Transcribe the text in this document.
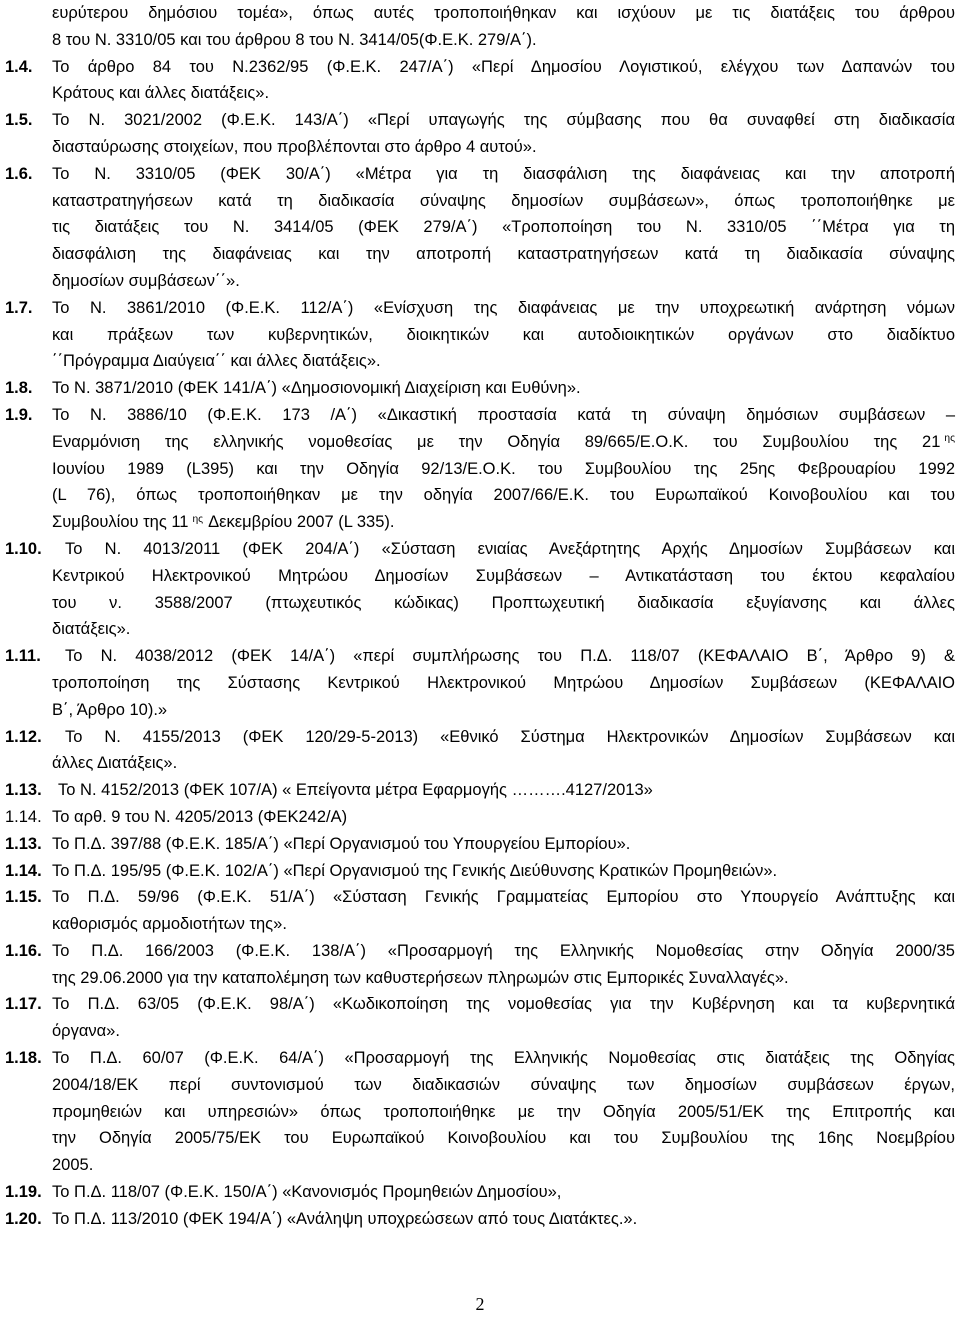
ευρύτερου δημόσιου τομέα», όπως αυτές τροποποιήθηκαν και ισχύουν με τις διατάξεις του άρθρου
8 του Ν. 3310/05 και του άρθρου 8 του Ν. 3414/05(Φ.Ε.Κ. 279/Α΄).
1.4. Το άρθρο 84 του Ν.2362/95 (Φ.Ε.Κ. 247/Α΄) «Περί Δημοσίου Λογιστικού, ελέγχου των Δαπανών του
Κράτους και άλλες διατάξεις».
1.5. Το Ν. 3021/2002 (Φ.Ε.Κ. 143/Α΄) «Περί υπαγωγής της σύμβασης που θα συναφθεί στη διαδικασία
διασταύρωσης στοιχείων, που προβλέπονται στο άρθρο 4 αυτού».
1.6. Το Ν. 3310/05 (ΦΕΚ 30/Α΄) «Μέτρα για τη διασφάλιση της διαφάνειας και την αποτροπή
καταστρατηγήσεων κατά τη διαδικασία σύναψης δημοσίων συμβάσεων», όπως τροποποιήθηκε με
τις διατάξεις του Ν. 3414/05 (ΦΕΚ 279/Α΄) «Τροποποίηση του Ν. 3310/05 ΄΄Μέτρα για τη
διασφάλιση της διαφάνειας και την αποτροπή καταστρατηγήσεων κατά τη διαδικασία σύναψης
δημοσίων συμβάσεων΄΄».
1.7. Το Ν. 3861/2010 (Φ.Ε.Κ. 112/Α΄) «Ενίσχυση της διαφάνειας με την υποχρεωτική ανάρτηση νόμων
και πράξεων των κυβερνητικών, διοικητικών και αυτοδιοικητικών οργάνων στο διαδίκτυο
΄΄Πρόγραμμα Διαύγεια΄΄ και άλλες διατάξεις».
1.8. Το Ν. 3871/2010 (ΦΕΚ 141/Α΄) «Δημοσιονομική Διαχείριση και Ευθύνη».
1.9. Το Ν. 3886/10 (Φ.Ε.Κ. 173 /Α΄) «Δικαστική προστασία κατά τη σύναψη δημόσιων συμβάσεων –
Εναρμόνιση της ελληνικής νομοθεσίας με την Οδηγία 89/665/Ε.Ο.Κ. του Συμβουλίου της 21 $^{\eta\varsigma}$
Ιουνίου 1989 (L395) και την Οδηγία 92/13/Ε.Ο.Κ. του Συμβουλίου της 25ης Φεβρουαρίου 1992
(L 76), όπως τροποποιήθηκαν με την οδηγία 2007/66/Ε.Κ. του Ευρωπαϊκού Κοινοβουλίου και του
Συμβουλίου της 11 $^{\eta\varsigma}$ Δεκεμβρίου 2007 (L 335).
1.10. Το Ν. 4013/2011 (ΦΕΚ 204/Α΄) «Σύσταση ενιαίας Ανεξάρτητης Αρχής Δημοσίων Συμβάσεων και
Κεντρικού Ηλεκτρονικού Μητρώου Δημοσίων Συμβάσεων – Αντικατάσταση του έκτου κεφαλαίου
του ν. 3588/2007 (πτωχευτικός κώδικας) Προπτωχευτική διαδικασία εξυγίανσης και άλλες
διατάξεις».
1.11. Το Ν. 4038/2012 (ΦΕΚ 14/Α΄) «περί συμπλήρωσης του Π.Δ. 118/07 (ΚΕΦΑΛΑΙΟ Β΄, Άρθρο 9) &
τροποποίηση της Σύστασης Κεντρικού Ηλεκτρονικού Μητρώου Δημοσίων Συμβάσεων (ΚΕΦΑΛΑΙΟ
Β΄, Άρθρο 10).»
1.12. Το Ν. 4155/2013 (ΦΕΚ 120/29-5-2013) «Εθνικό Σύστημα Ηλεκτρονικών Δημοσίων Συμβάσεων και
άλλες Διατάξεις».
1.13. Το Ν. 4152/2013 (ΦΕΚ 107/Α) « Επείγοντα μέτρα Εφαρμογής ……….4127/2013»
1.14. Το αρθ. 9 του Ν. 4205/2013 (ΦΕΚ242/Α)
1.13. Το Π.Δ. 397/88 (Φ.Ε.Κ. 185/Α΄) «Περί Οργανισμού του Υπουργείου Εμπορίου».
1.14. Το Π.Δ. 195/95 (Φ.Ε.Κ. 102/Α΄) «Περί Οργανισμού της Γενικής Διεύθυνσης Κρατικών Προμηθειών».
1.15. Το Π.Δ. 59/96 (Φ.Ε.Κ. 51/Α΄) «Σύσταση Γενικής Γραμματείας Εμπορίου στο Υπουργείο Ανάπτυξης και
καθορισμός αρμοδιοτήτων της».
1.16. Το Π.Δ. 166/2003 (Φ.Ε.Κ. 138/Α΄) «Προσαρμογή της Ελληνικής Νομοθεσίας στην Οδηγία 2000/35
της 29.06.2000 για την καταπολέμηση των καθυστερήσεων πληρωμών στις Εμπορικές Συναλλαγές».
1.17. Το Π.Δ. 63/05 (Φ.Ε.Κ. 98/Α΄) «Κωδικοποίηση της νομοθεσίας για την Κυβέρνηση και τα κυβερνητικά
όργανα».
1.18. Το Π.Δ. 60/07 (Φ.Ε.Κ. 64/Α΄) «Προσαρμογή της Ελληνικής Νομοθεσίας στις διατάξεις της Οδηγίας
2004/18/ΕΚ περί συντονισμού των διαδικασιών σύναψης των δημοσίων συμβάσεων έργων,
προμηθειών και υπηρεσιών» όπως τροποποιήθηκε με την Οδηγία 2005/51/ΕΚ της Επιτροπής και
την Οδηγία 2005/75/ΕΚ του Ευρωπαϊκού Κοινοβουλίου και του Συμβουλίου της 16ης Νοεμβρίου
2005.
1.19. Το Π.Δ. 118/07 (Φ.Ε.Κ. 150/Α΄) «Κανονισμός Προμηθειών Δημοσίου»,
1.20. Το Π.Δ. 113/2010 (ΦΕΚ 194/Α΄) «Ανάληψη υποχρεώσεων από τους Διατάκτες.».
2
